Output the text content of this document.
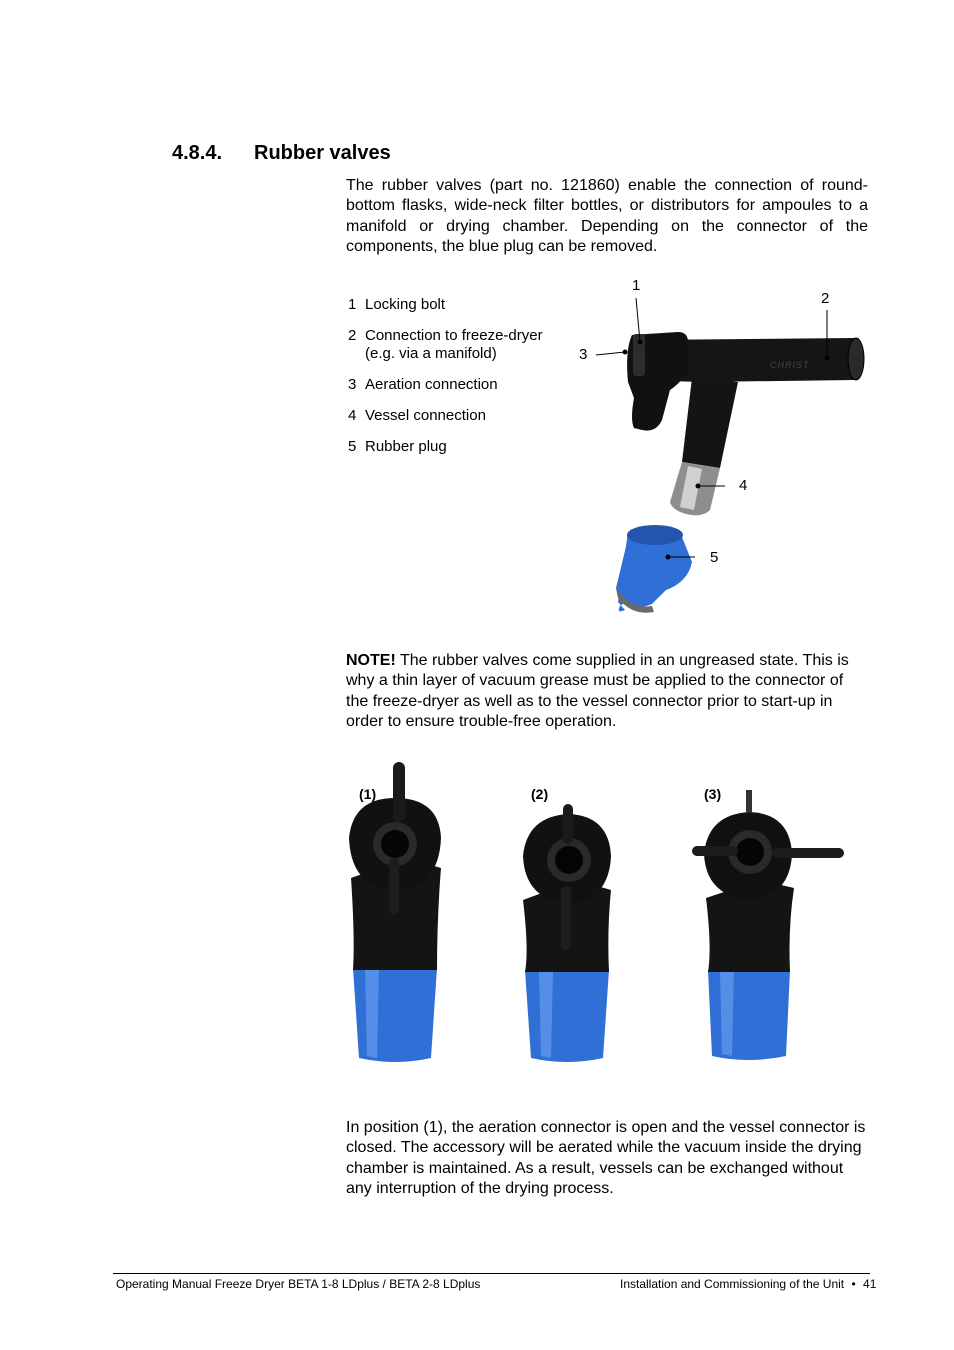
4.8.4. Rubber valves
The rubber valves (part no. 121860) enable the connection of round-bottom flasks, wide-neck filter bottles, or distributors for ampoules to a manifold or drying chamber. Depending on the connector of the components, the blue plug can be removed.
1 Locking bolt
2 Connection to freeze-dryer (e.g. via a manifold)
3 Aeration connection
4 Vessel connection
5 Rubber plug
CHRIST
1
2
3
4
5
NOTE! The rubber valves come supplied in an ungreased state. This is why a thin layer of vacuum grease must be applied to the connector of the freeze-dryer as well as to the vessel connector prior to start-up in order to ensure trouble-free operation.
(1)	(2)	(3)
In position (1), the aeration connector is open and the vessel connector is closed. The accessory will be aerated while the vacuum inside the drying chamber is maintained. As a result, vessels can be exchanged without any interruption of the drying process.
Operating Manual Freeze Dryer BETA 1-8 LDplus / BETA 2-8 LDplus	Installation and Commissioning of the Unit • 41
